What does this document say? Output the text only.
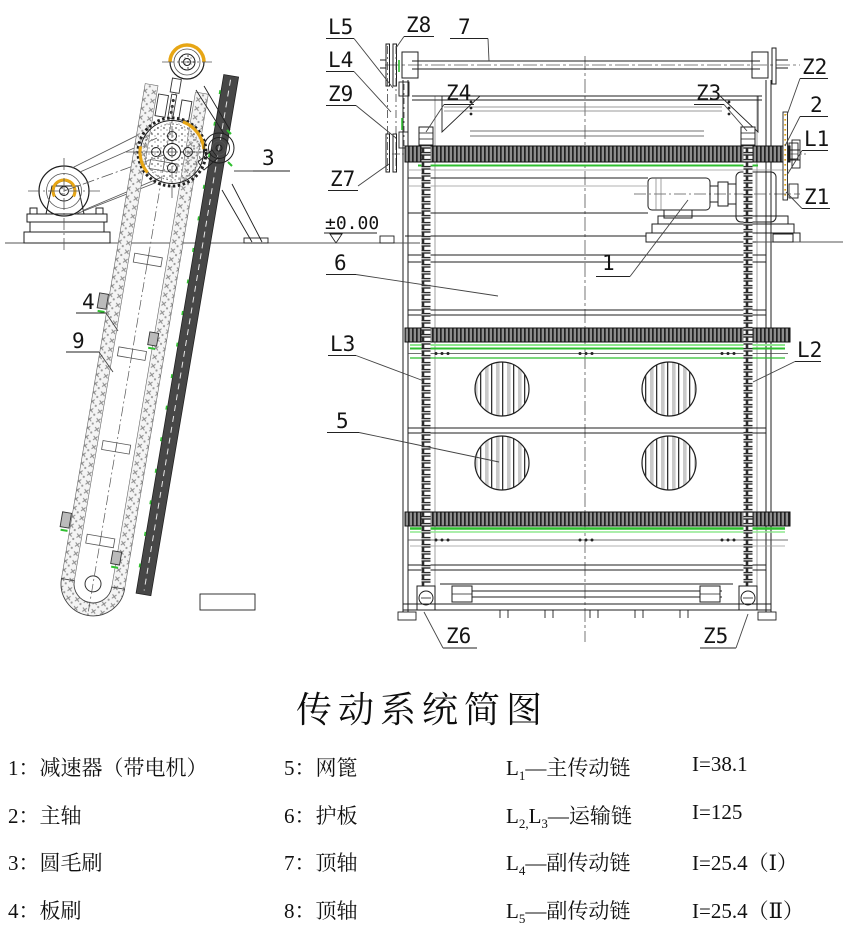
L5
L4
Z9
Z7
Z8 7
Z4	Z3
Z2
2
L1
Z1
1
6
L3
5
L2
Z6	Z5
3
4
9
±0.00
传动系统简图
1：减速器（带电机）	5：网篦	$L_1—$主传动链	I=38.1
2：主轴	6：护板	$L_{2,}L_3—$运输链	I=125
3：圆毛刷	7：顶轴	$L_4—$副传动链	I=25.4（Ⅰ）
4：板刷	8：顶轴	$L_5—$副传动链	I=25.4（Ⅱ）
